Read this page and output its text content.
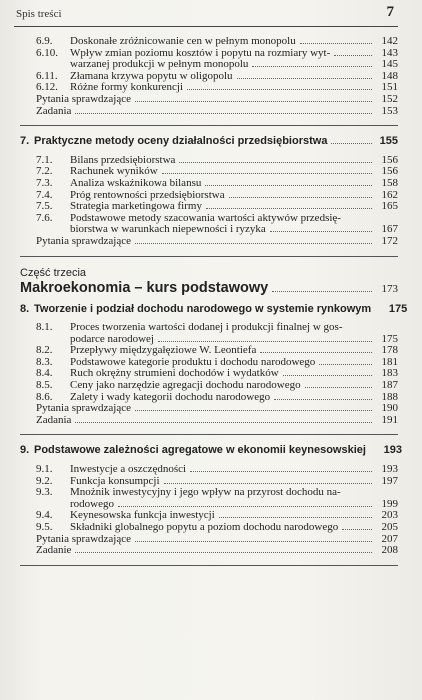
Spis treści	7
6.9.	Doskonałe zróżnicowanie cen w pełnym monopolu	142
6.10.	Wpływ zmian poziomu kosztów i popytu na rozmiary wyt-	143
warzanej produkcji w pełnym monopolu	145
6.11.	Złamana krzywa popytu w oligopolu	148
6.12.	Różne formy konkurencji	151
Pytania sprawdzające	152
Zadania	153
7. Praktyczne metody oceny działalności przedsiębiorstwa	155
7.1.	Bilans przedsiębiorstwa	156
7.2.	Rachunek wyników	156
7.3.	Analiza wskaźnikowa bilansu	158
7.4.	Próg rentowności przedsiębiorstwa	162
7.5.	Strategia marketingowa firmy	165
7.6.	Podstawowe metody szacowania wartości aktywów przedsię-
biorstwa w warunkach niepewności i ryzyka	167
Pytania sprawdzające	172
Część trzecia
Makroekonomia – kurs podstawowy	173
8. Tworzenie i podział dochodu narodowego w systemie rynkowym	175
8.1.	Proces tworzenia wartości dodanej i produkcji finalnej w gos-
podarce narodowej	175
8.2.	Przepływy międzygałęziowe W. Leontiefa	178
8.3.	Podstawowe kategorie produktu i dochodu narodowego	181
8.4.	Ruch okrężny strumieni dochodów i wydatków	183
8.5.	Ceny jako narzędzie agregacji dochodu narodowego	187
8.6.	Zalety i wady kategorii dochodu narodowego	188
Pytania sprawdzające	190
Zadania	191
9. Podstawowe zależności agregatowe w ekonomii keynesowskiej	193
9.1.	Inwestycje a oszczędności	193
9.2.	Funkcja konsumpcji	197
9.3.	Mnożnik inwestycyjny i jego wpływ na przyrost dochodu na-
rodowego	199
9.4.	Keynesowska funkcja inwestycji	203
9.5.	Składniki globalnego popytu a poziom dochodu narodowego	205
Pytania sprawdzające	207
Zadanie	208
